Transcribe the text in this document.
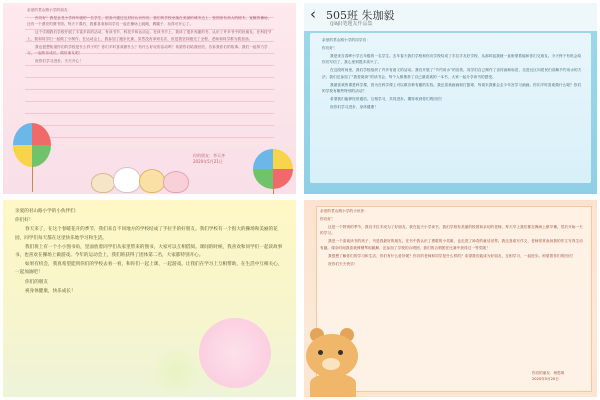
亲爱的君山路小学的朋友：

你们好！我是金龙小学四年级的一名学生，很高兴通过这封信认识你们。我们的学校坐落在美丽的城市边上，校园里有高大的树木，宽敞的操场，还有一个漂亮的图书馆。每天下课后，我都喜欢和同学们一起在操场上跳绳、踢毽子，玩得可开心了。

这个学期我们学校开展了丰富多彩的活动，有读书节、科技节和运动会。在读书节上，我读了很多有趣的书，认识了许多书中的好朋友；在科技节上，我和同学们一起做了小制作；在运动会上，我参加了跑步比赛，虽然没有拿到名次，但是我坚持跑完了全程，老师和同学都为我加油。

我也很想知道你们的学校是什么样子的？你们平时喜欢做什么？有什么好玩的活动吗？希望你们给我回信，告诉我你们的故事。我们一起努力学习，一起快乐成长，做好朋友吧！

祝你们学习进步，天天开心！

你的朋友：李天齐
2020年5月21日
‹ 505班 朱珈毅
(jiājì)笔题友作品集

亲爱的君山路小学的同学们：

你们好！

我是来自春晖小学五年级的一名学生。去年春天我们学校和你们学校结成了手拉手友好学校，从那时起我就一直盼望着能和你们交朋友。今天终于有机会给你们写信了，我心里别提多高兴了。

在这段时间里，我们学校组织了许多有意义的活动。我们开展了“节约用水”的宣传，同学们自己制作了宣传画和标语，走进社区向居民们讲解节约用水的方法；我们还参加了“我爱阅读”的读书会，每个人都推荐了自己最喜欢的一本书，大家一起分享读书的感受。

我最喜欢的课是科学课，因为在科学课上可以做各种有趣的实验。我还喜欢画画和打篮球，每周末我都会去少年宫学习画画。你们平时喜欢做什么呢？你们的学校有哪些特别的活动？

希望我们能够经常通信，互相学习，共同进步。期待收到你们的回信！

祝你们学习进步，身体健康！

亲爱的君山路小学的小伙伴们：

你们好！

春天来了，在这个春暖花开的季节，我们来自不同地方的学校结成了手拉手的好朋友。我们学校有一个很大的操场和美丽的花园，同学们每天都在这里快乐地学习和生活。

我们班上有一个小小图书角，里面放着同学们从家里带来的图书，大家可以互相借阅。课间的时候，我喜欢和同学们一起读故事书，也喜欢在操场上做游戏。今年的运动会上，我们班获得了团体第二名，大家都特别开心。

如果有机会，我真希望能到你们的学校去看一看，和你们一起上课、一起游戏。让我们在学习上互相帮助，在生活中互相关心，一起加油吧！

你们的朋友

祝身体健康，快乐成长！

亲爱的君山路小学的小伙伴：

你们好！

这是一个特别的季节，我们手拉手成为了好朋友。我在蓝天小学读书，我们学校有美丽的校园和亲切的老师。每天早上我们都在操场上做早操，然后开始一天的学习。

我是一个喜欢读书的孩子，书是我最好的朋友。在书中我认识了勇敢的小英雄，也走进了神奇的童话世界。我还喜欢写作文，老师常常表扬我的作文写得生动有趣。课余时间我喜欢弹钢琴和跳舞，还参加了学校的合唱团，我们的合唱团在比赛中获得过一等奖呢！

我很想了解你们的学习和生活，你们有什么爱好呢？你们的老师和同学是什么样的？希望我们能成为好朋友，互相学习，一起进步。盼望着你们的回信！

祝你们天天快乐！

你们的朋友：杨思琪
2020年5月20日
